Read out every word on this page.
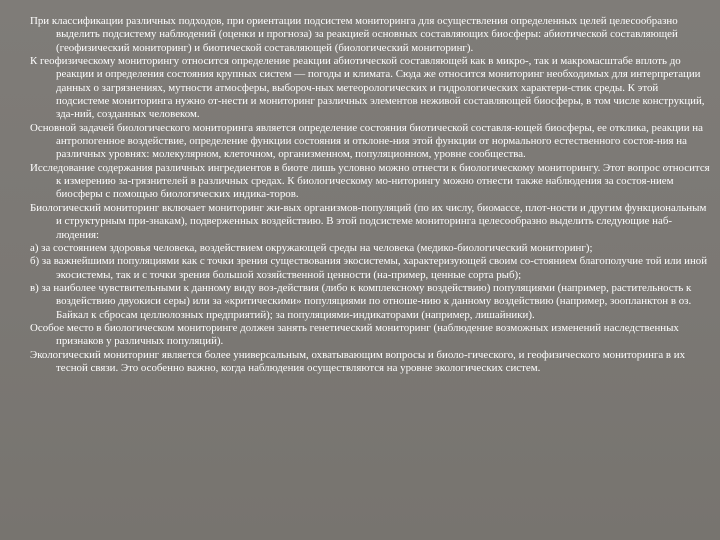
При классификации различных подходов, при ориентации подсистем мониторинга для осуществления определенных целей целесообразно выделить подсистему наблюдений (оценки и прогноза) за реакцией основных составляющих биосферы: абиотической составляющей (геофизический мониторинг) и биотической составляющей (биологический мониторинг).

К геофизическому мониторингу относится определение реакции абиотической составляющей как в микро-, так и макромасштабе вплоть до реакции и определения состояния крупных систем — погоды и климата. Сюда же относится мониторинг необходимых для интерпретации данных о загрязнениях, мутности атмосферы, выбороч-ных метеорологических и гидрологических характери-стик среды. К этой подсистеме мониторинга нужно от-нести и мониторинг различных элементов неживой составляющей биосферы, в том числе конструкций, зда-ний, созданных человеком.

Основной задачей биологического мониторинга является определение состояния биотической составля-ющей биосферы, ее отклика, реакции на антропогенное воздействие, определение функции состояния и отклоне-ния этой функции от нормального естественного состоя-ния на различных уровнях: молекулярном, клеточном, организменном, популяционном, уровне сообщества.

Исследование содержания различных ингредиентов в биоте лишь условно можно отнести к биологическому мониторингу. Этот вопрос относится к измерению за-грязнителей в различных средах. К биологическому мо-ниторингу можно отнести также наблюдения за состоя-нием биосферы с помощью биологических индика-торов.

Биологический мониторинг включает мониторинг жи-вых организмов-популяций (по их числу, биомассе, плот-ности и другим функциональным и структурным при-знакам), подверженных воздействию. В этой подсистеме мониторинга целесообразно выделить следующие наб-людения:

а) за состоянием здоровья человека, воздействием окружающей среды на человека (медико-биологический мониторинг);

б) за важнейшими популяциями как с точки зрения существования экосистемы, характеризующей своим со-стоянием благополучие той или иной экосистемы, так и с точки зрения большой хозяйственной ценности (на-пример, ценные сорта рыб);

в) за наиболее чувствительными к данному виду воз-действия (либо к комплексному воздействию) популяциями (например, растительность к воздействию двуокиси серы) или за «критическими» популяциями по отноше-нию к данному воздействию (например, зоопланктон в оз. Байкал к сбросам целлюлозных предприятий); за популяциями-индикаторами (например, лишайники).

Особое место в биологическом мониторинге должен занять генетический мониторинг (наблюдение возможных изменений наследственных признаков у различных популяций).

Экологический мониторинг является более универсальным, охватывающим вопросы и биоло-гического, и геофизического мониторинга в их тесной связи. Это особенно важно, когда наблюдения осуществляются на уровне экологических систем.
